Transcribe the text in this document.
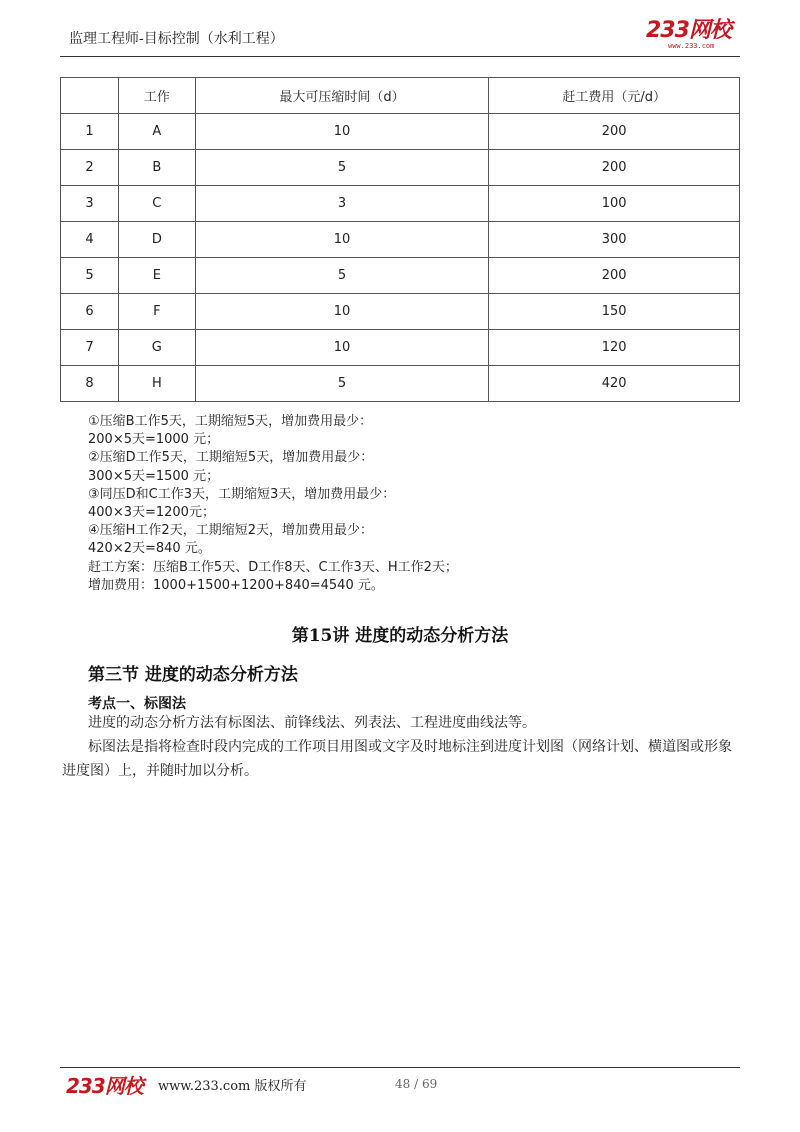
监理工程师-目标控制（水利工程）	233网校
www.233.com
	工作	最大可压缩时间（d）	赶工费用（元/d）
1	A	10	200
2	B	5	200
3	C	3	100
4	D	10	300
5	E	5	200
6	F	10	150
7	G	10	120
8	H	5	420
①压缩B工作5天，工期缩短5天，增加费用最少：
200×5天=1000 元；
②压缩D工作5天，工期缩短5天，增加费用最少：
300×5天=1500 元；
③同压D和C工作3天，工期缩短3天，增加费用最少：
400×3天=1200元；
④压缩H工作2天，工期缩短2天，增加费用最少：
420×2天=840 元。
赶工方案：压缩B工作5天、D工作8天、C工作3天、H工作2天；
增加费用：1000+1500+1200+840=4540 元。
第15讲 进度的动态分析方法
第三节 进度的动态分析方法
考点一、标图法
进度的动态分析方法有标图法、前锋线法、列表法、工程进度曲线法等。
标图法是指将检查时段内完成的工作项目用图或文字及时地标注到进度计划图（网络计划、横道图或形象进度图）上，并随时加以分析。
233网校 www.233.com 版权所有	48 / 69
